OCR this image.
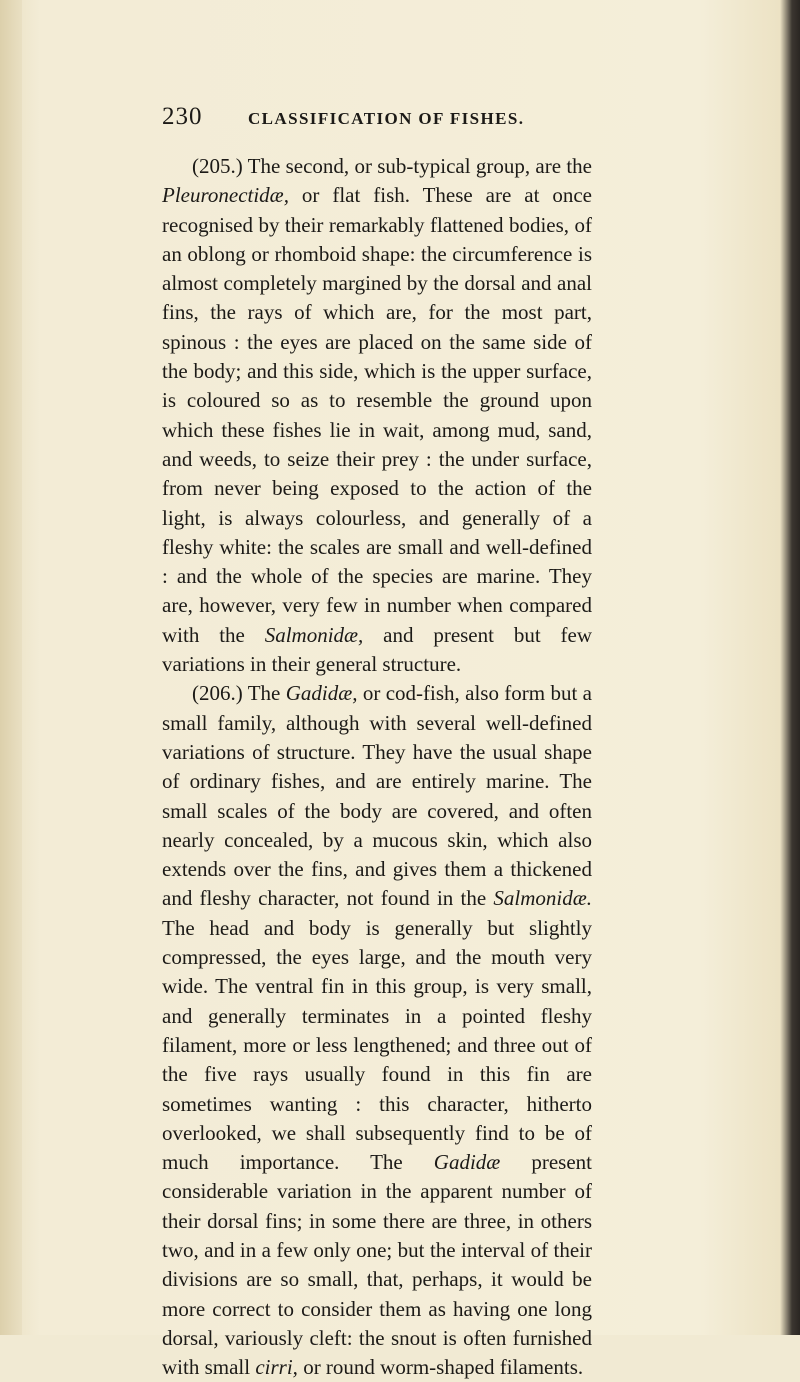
230	CLASSIFICATION OF FISHES.

(205.) The second, or sub-typical group, are the Pleuronectidæ, or flat fish. These are at once recognised by their remarkably flattened bodies, of an oblong or rhomboid shape: the circumference is almost completely margined by the dorsal and anal fins, the rays of which are, for the most part, spinous : the eyes are placed on the same side of the body; and this side, which is the upper surface, is coloured so as to resemble the ground upon which these fishes lie in wait, among mud, sand, and weeds, to seize their prey : the under surface, from never being exposed to the action of the light, is always colourless, and generally of a fleshy white: the scales are small and well-defined : and the whole of the species are marine. They are, however, very few in number when compared with the Salmonidæ, and present but few variations in their general structure.

(206.) The Gadidæ, or cod-fish, also form but a small family, although with several well-defined variations of structure. They have the usual shape of ordinary fishes, and are entirely marine. The small scales of the body are covered, and often nearly concealed, by a mucous skin, which also extends over the fins, and gives them a thickened and fleshy character, not found in the Salmonidæ. The head and body is generally but slightly compressed, the eyes large, and the mouth very wide. The ventral fin in this group, is very small, and generally terminates in a pointed fleshy filament, more or less lengthened; and three out of the five rays usually found in this fin are sometimes wanting : this character, hitherto overlooked, we shall subsequently find to be of much importance. The Gadidæ present considerable variation in the apparent number of their dorsal fins; in some there are three, in others two, and in a few only one; but the interval of their divisions are so small, that, perhaps, it would be more correct to consider them as having one long dorsal, variously cleft: the snout is often furnished with small cirri, or round worm-shaped filaments.
